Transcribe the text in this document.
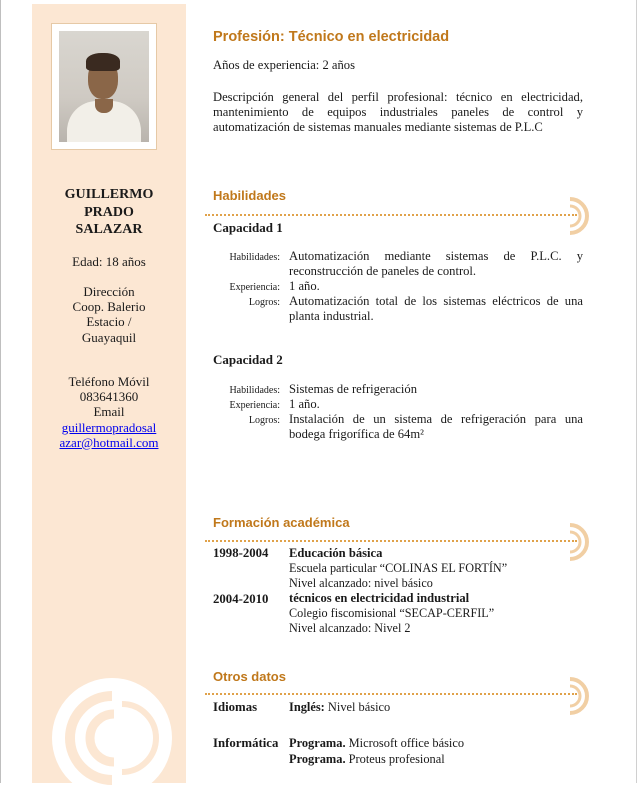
GUILLERMO
PRADO
SALAZAR
Edad: 18 años
Dirección
Coop. Balerio
Estacio /
Guayaquil
Teléfono Móvil
083641360
Email
guillermopradosal
azar@hotmail.com
Profesión: Técnico en electricidad
Años de experiencia: 2 años
Descripción general del perfil profesional: técnico en electricidad, mantenimiento de equipos industriales paneles de control y automatización de sistemas manuales mediante sistemas de P.L.C
Habilidades
Capacidad 1
Habilidades: Automatización mediante sistemas de P.L.C. y reconstrucción de paneles de control.
Experiencia: 1 año.
Logros: Automatización total de los sistemas eléctricos de una planta industrial.
Capacidad 2
Habilidades: Sistemas de refrigeración
Experiencia: 1 año.
Logros: Instalación de un sistema de refrigeración para una bodega frigorífica de 64m²
Formación académica
1998-2004 Educación básica
Escuela particular “COLINAS EL FORTÍN”
Nivel alcanzado: nivel básico
2004-2010 técnicos en electricidad industrial
Colegio fiscomisional “SECAP-CERFIL”
Nivel alcanzado: Nivel 2
Otros datos
Idiomas	Inglés: Nivel básico
Informática Programa. Microsoft office básico
Programa. Proteus profesional
